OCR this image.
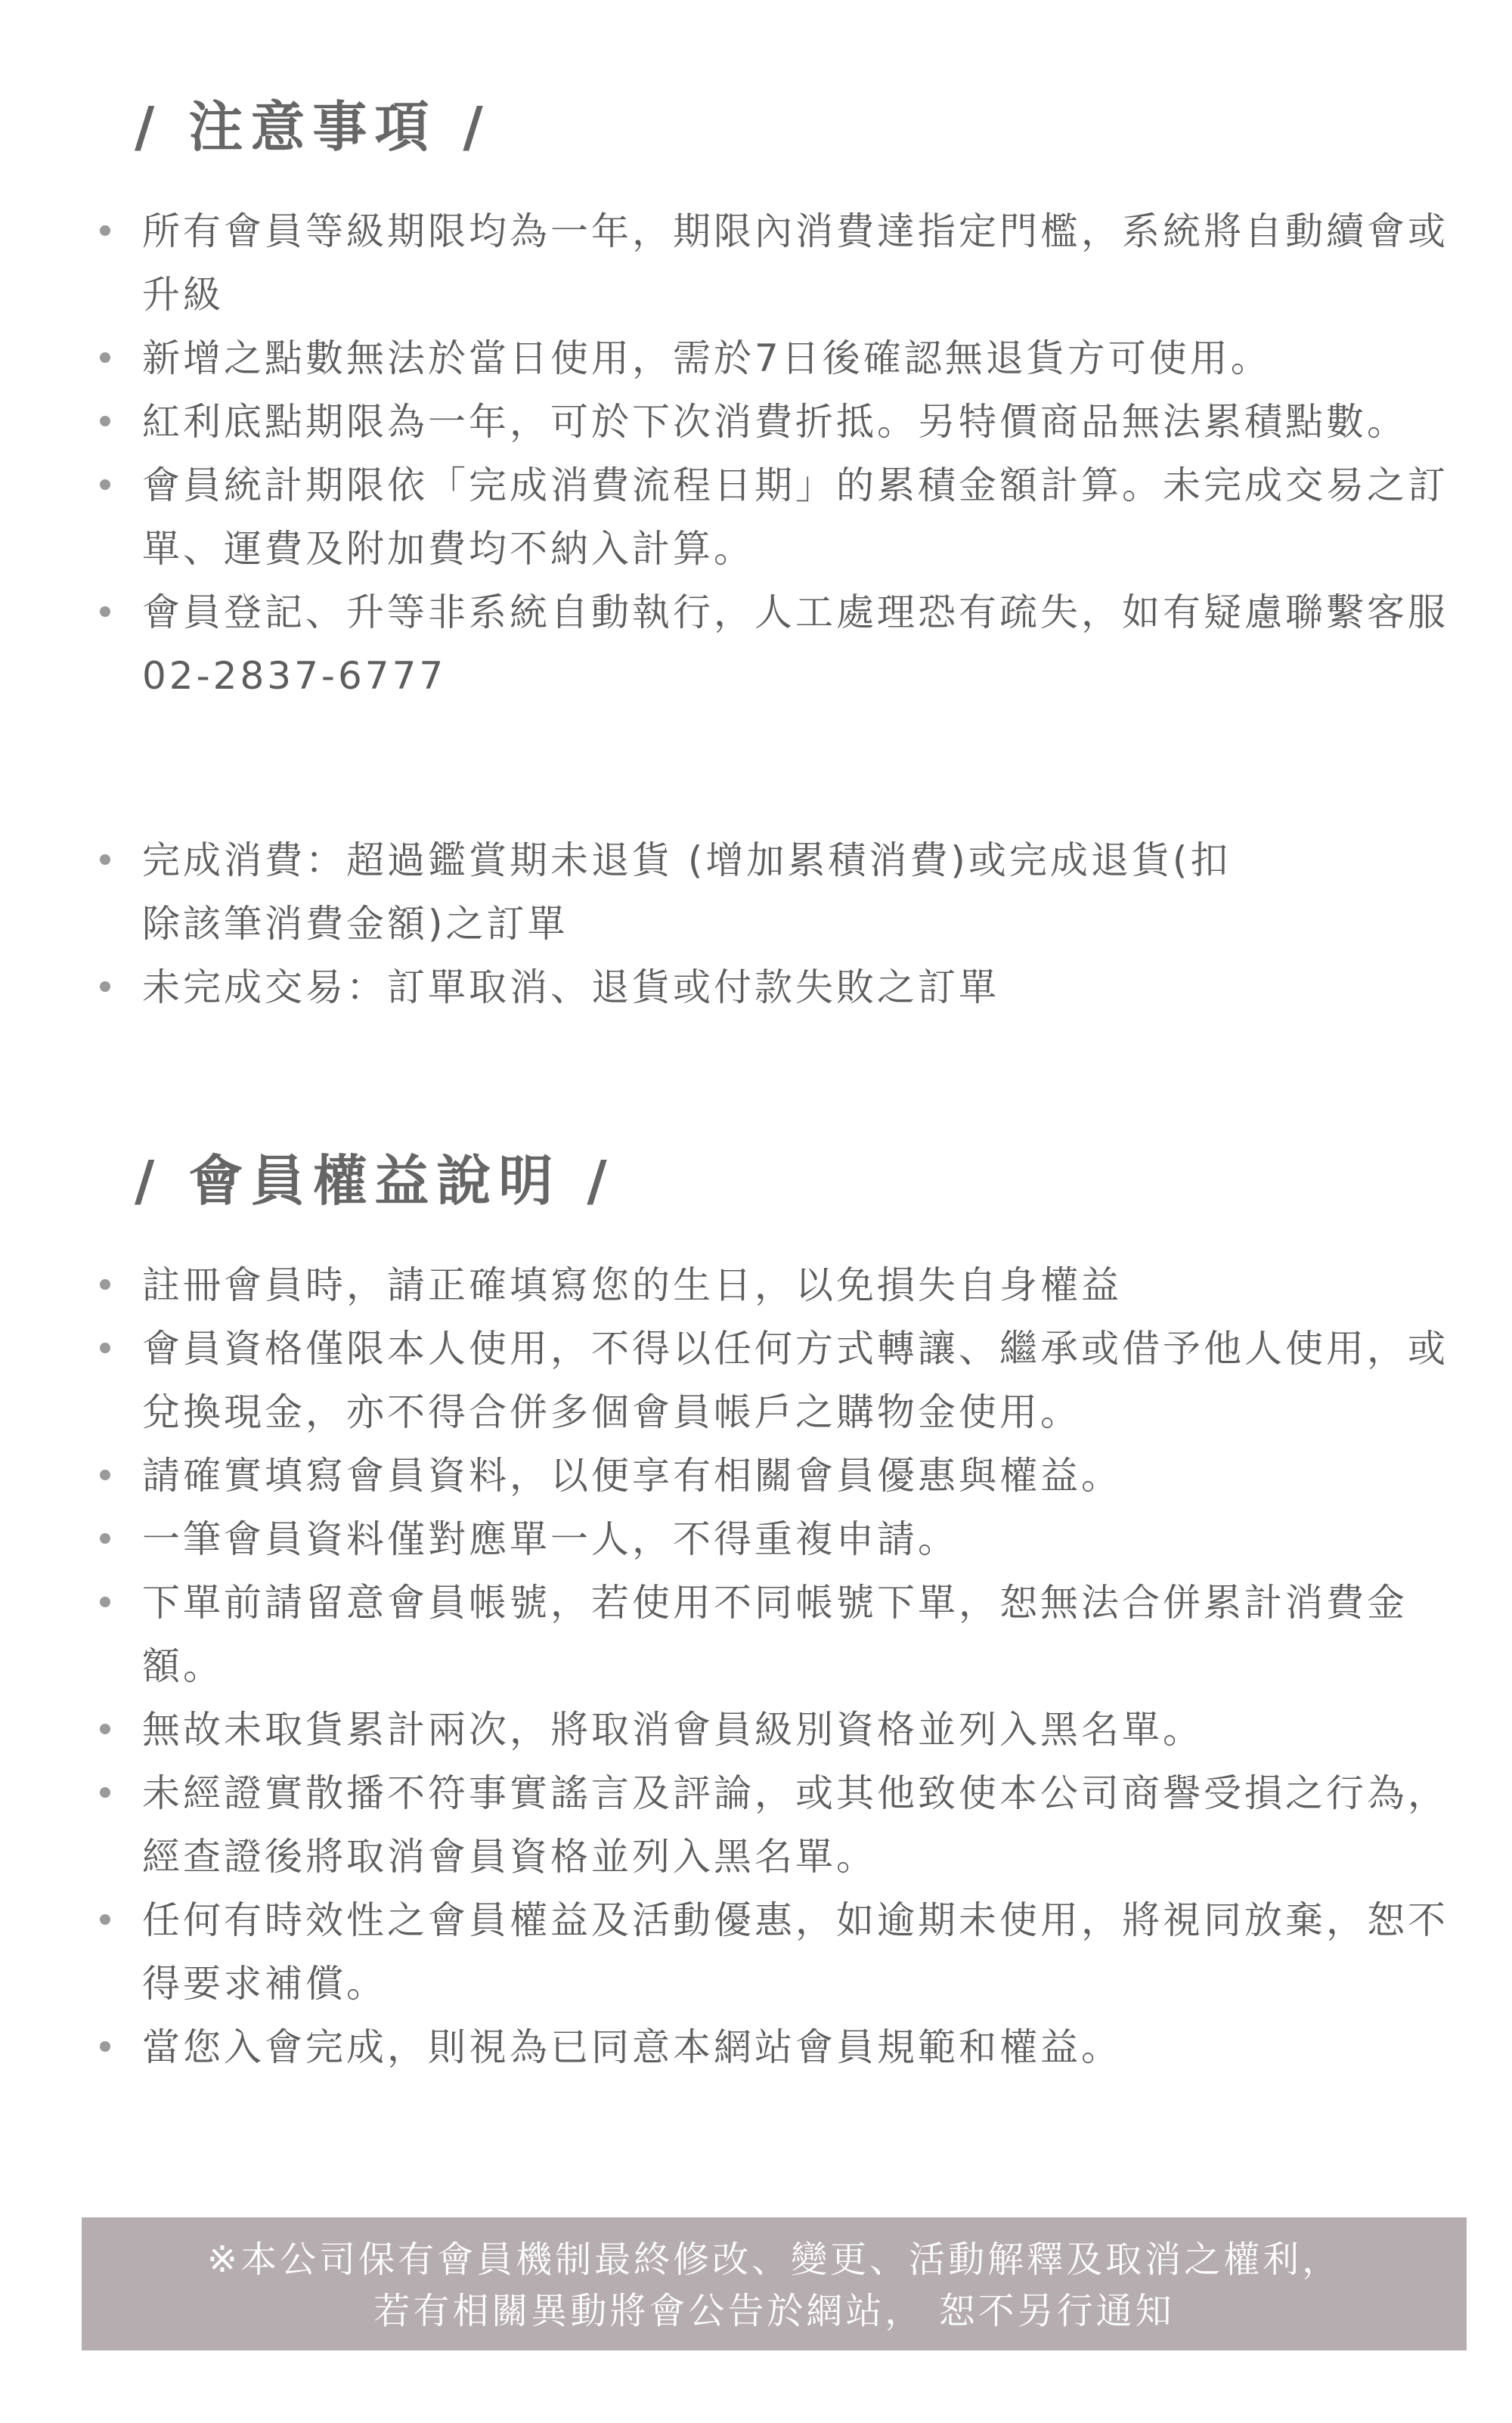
/ 注意事項 /
所有會員等級期限均為一年，期限內消費達指定門檻，系統將自動續會或升級
新增之點數無法於當日使用，需於7日後確認無退貨方可使用。
紅利底點期限為一年，可於下次消費折抵。另特價商品無法累積點數。
會員統計期限依「完成消費流程日期」的累積金額計算。未完成交易之訂單、運費及附加費均不納入計算。
會員登記、升等非系統自動執行，人工處理恐有疏失，如有疑慮聯繫客服02-2837-6777
完成消費：超過鑑賞期未退貨 (增加累積消費)或完成退貨(扣除該筆消費金額)之訂單
未完成交易：訂單取消、退貨或付款失敗之訂單
/ 會員權益說明 /
註冊會員時，請正確填寫您的生日，以免損失自身權益
會員資格僅限本人使用，不得以任何方式轉讓、繼承或借予他人使用，或兌換現金，亦不得合併多個會員帳戶之購物金使用。
請確實填寫會員資料，以便享有相關會員優惠與權益。
一筆會員資料僅對應單一人，不得重複申請。
下單前請留意會員帳號，若使用不同帳號下單，恕無法合併累計消費金額。
無故未取貨累計兩次，將取消會員級別資格並列入黑名單。
未經證實散播不符事實謠言及評論，或其他致使本公司商譽受損之行為，經查證後將取消會員資格並列入黑名單。
任何有時效性之會員權益及活動優惠，如逾期未使用，將視同放棄，恕不得要求補償。
當您入會完成，則視為已同意本網站會員規範和權益。
※本公司保有會員機制最終修改、變更、活動解釋及取消之權利，
若有相關異動將會公告於網站， 恕不另行通知
